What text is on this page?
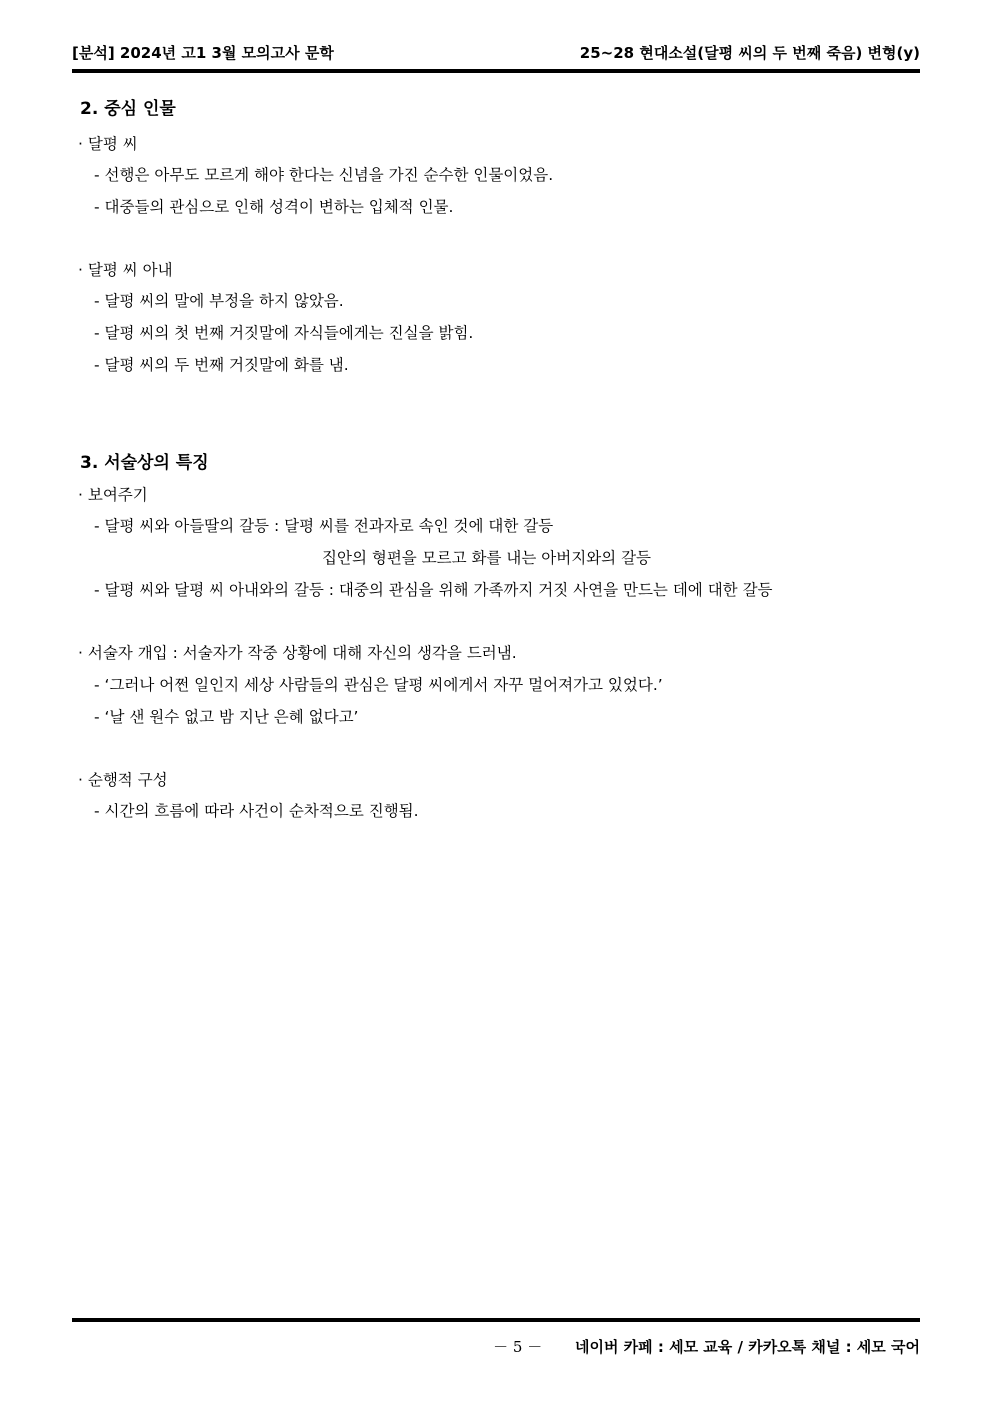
[분석] 2024년 고1 3월 모의고사 문학	25~28 현대소설(달평 씨의 두 번째 죽음) 변형(y)
2. 중심 인물
· 달평 씨
- 선행은 아무도 모르게 해야 한다는 신념을 가진 순수한 인물이었음.
- 대중들의 관심으로 인해 성격이 변하는 입체적 인물.
· 달평 씨 아내
- 달평 씨의 말에 부정을 하지 않았음.
- 달평 씨의 첫 번째 거짓말에 자식들에게는 진실을 밝힘.
- 달평 씨의 두 번째 거짓말에 화를 냄.
3. 서술상의 특징
· 보여주기
- 달평 씨와 아들딸의 갈등 : 달평 씨를 전과자로 속인 것에 대한 갈등
집안의 형편을 모르고 화를 내는 아버지와의 갈등
- 달평 씨와 달평 씨 아내와의 갈등 : 대중의 관심을 위해 가족까지 거짓 사연을 만드는 데에 대한 갈등
· 서술자 개입 : 서술자가 작중 상황에 대해 자신의 생각을 드러냄.
- ‘그러나 어쩐 일인지 세상 사람들의 관심은 달평 씨에게서 자꾸 멀어져가고 있었다.’
- ‘날 샌 원수 없고 밤 지난 은혜 없다고’
· 순행적 구성
- 시간의 흐름에 따라 사건이 순차적으로 진행됨.
－ 5 － 네이버 카페 : 세모 교육 / 카카오톡 채널 : 세모 국어
